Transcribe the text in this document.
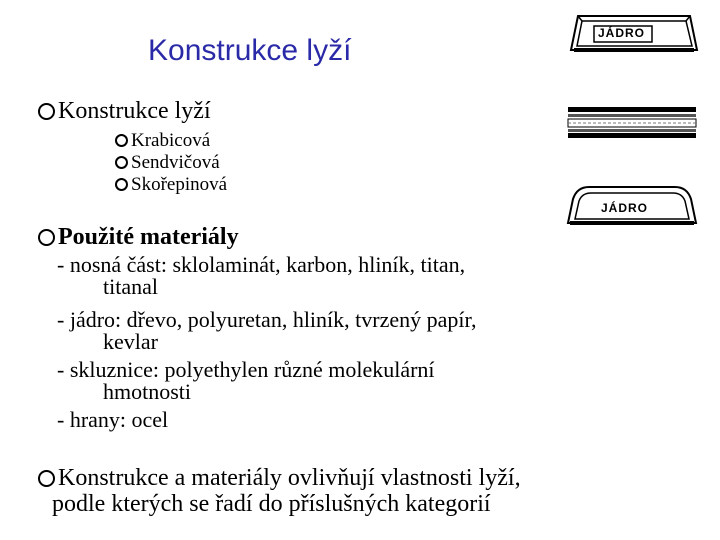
Konstrukce lyží
Konstrukce lyží
Krabicová
Sendvičová
Skořepinová
Použité materiály
- nosná část: sklolaminát, karbon, hliník, titan,
titanal
- jádro: dřevo, polyuretan, hliník, tvrzený papír,
kevlar
- skluznice: polyethylen různé molekulární
hmotnosti
- hrany: ocel
Konstrukce a materiály ovlivňují vlastnosti lyží,
podle kterých se řadí do příslušných kategorií
JÁDRO
JÁDRO
